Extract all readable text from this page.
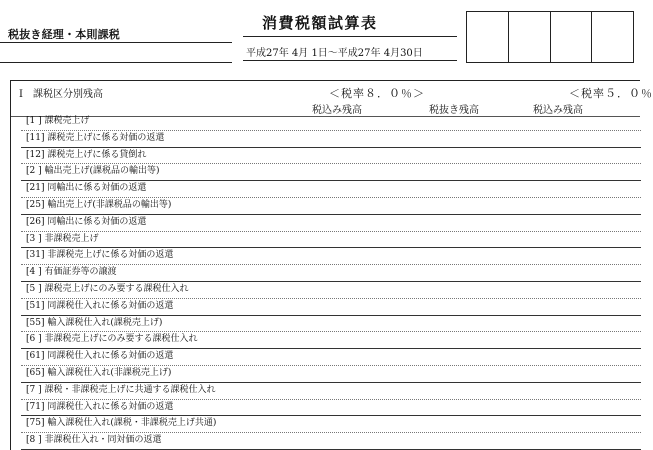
税抜き経理・本則課税
消費税額試算表
平成27年 4月 1日～平成27年 4月30日
Ⅰ　課税区分別残高	＜税率８．０％＞	＜税率５．０％
税込み残高	税抜き残高	税込み残高
[1 ] 課税売上げ
[11] 課税売上げに係る対価の返還
[12] 課税売上げに係る貸倒れ
[2 ] 輸出売上げ(課税品の輸出等)
[21] 同輸出に係る対価の返還
[25] 輸出売上げ(非課税品の輸出等)
[26] 同輸出に係る対価の返還
[3 ] 非課税売上げ
[31] 非課税売上げに係る対価の返還
[4 ] 有価証券等の譲渡
[5 ] 課税売上げにのみ要する課税仕入れ
[51] 同課税仕入れに係る対価の返還
[55] 輸入課税仕入れ(課税売上げ)
[6 ] 非課税売上げにのみ要する課税仕入れ
[61] 同課税仕入れに係る対価の返還
[65] 輸入課税仕入れ(非課税売上げ)
[7 ] 課税・非課税売上げに共通する課税仕入れ
[71] 同課税仕入れに係る対価の返還
[75] 輸入課税仕入れ(課税・非課税売上げ共通)
[8 ] 非課税仕入れ・同対価の返還
